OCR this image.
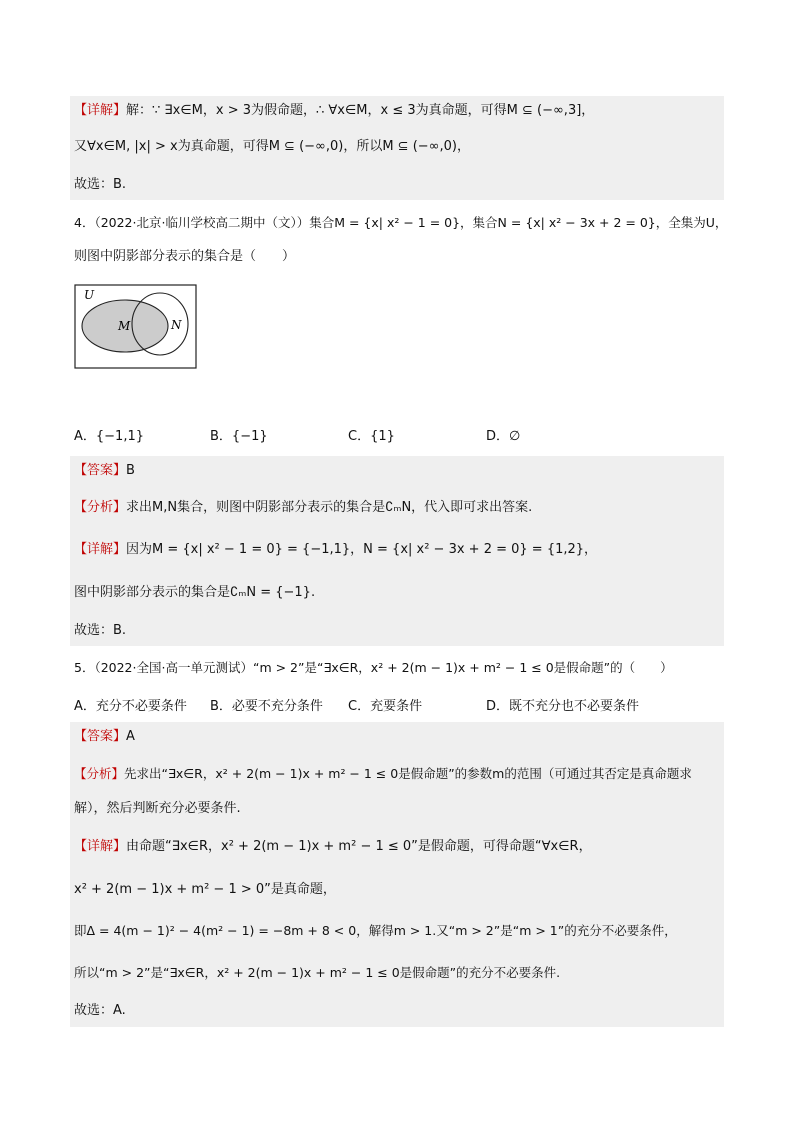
【详解】解：∵ ∃x∈M，x > 3为假命题，∴ ∀x∈M，x ≤ 3为真命题，可得M ⊆ (−∞,3]，
又∀x∈M, |x| > x为真命题，可得M ⊆ (−∞,0)，所以M ⊆ (−∞,0)，
故选：B.
4．（2022·北京·临川学校高二期中（文））集合M = {x| x² − 1 = 0}，集合N = {x| x² − 3x + 2 = 0}，全集为U，
则图中阴影部分表示的集合是（　　）
U
M	N
A．{−1,1}	B．{−1}	C．{1}	D．∅
【答案】B
【分析】求出M,N集合，则图中阴影部分表示的集合是∁ₘN，代入即可求出答案.
【详解】因为M = {x| x² − 1 = 0} = {−1,1}，N = {x| x² − 3x + 2 = 0} = {1,2}，
图中阴影部分表示的集合是∁ₘN = {−1}.
故选：B.
5．（2022·全国·高一单元测试）“m > 2”是“∃x∈R，x² + 2(m − 1)x + m² − 1 ≤ 0是假命题”的（　　）
A．充分不必要条件 B．必要不充分条件 C．充要条件	D．既不充分也不必要条件
【答案】A
【分析】先求出“∃x∈R，x² + 2(m − 1)x + m² − 1 ≤ 0是假命题”的参数m的范围（可通过其否定是真命题求
解），然后判断充分必要条件.
【详解】由命题“∃x∈R，x² + 2(m − 1)x + m² − 1 ≤ 0”是假命题，可得命题“∀x∈R，
x² + 2(m − 1)x + m² − 1 > 0”是真命题，
即Δ = 4(m − 1)² − 4(m² − 1) = −8m + 8 < 0，解得m > 1.又“m > 2”是“m > 1”的充分不必要条件，
所以“m > 2”是“∃x∈R，x² + 2(m − 1)x + m² − 1 ≤ 0是假命题”的充分不必要条件.
故选：A.
